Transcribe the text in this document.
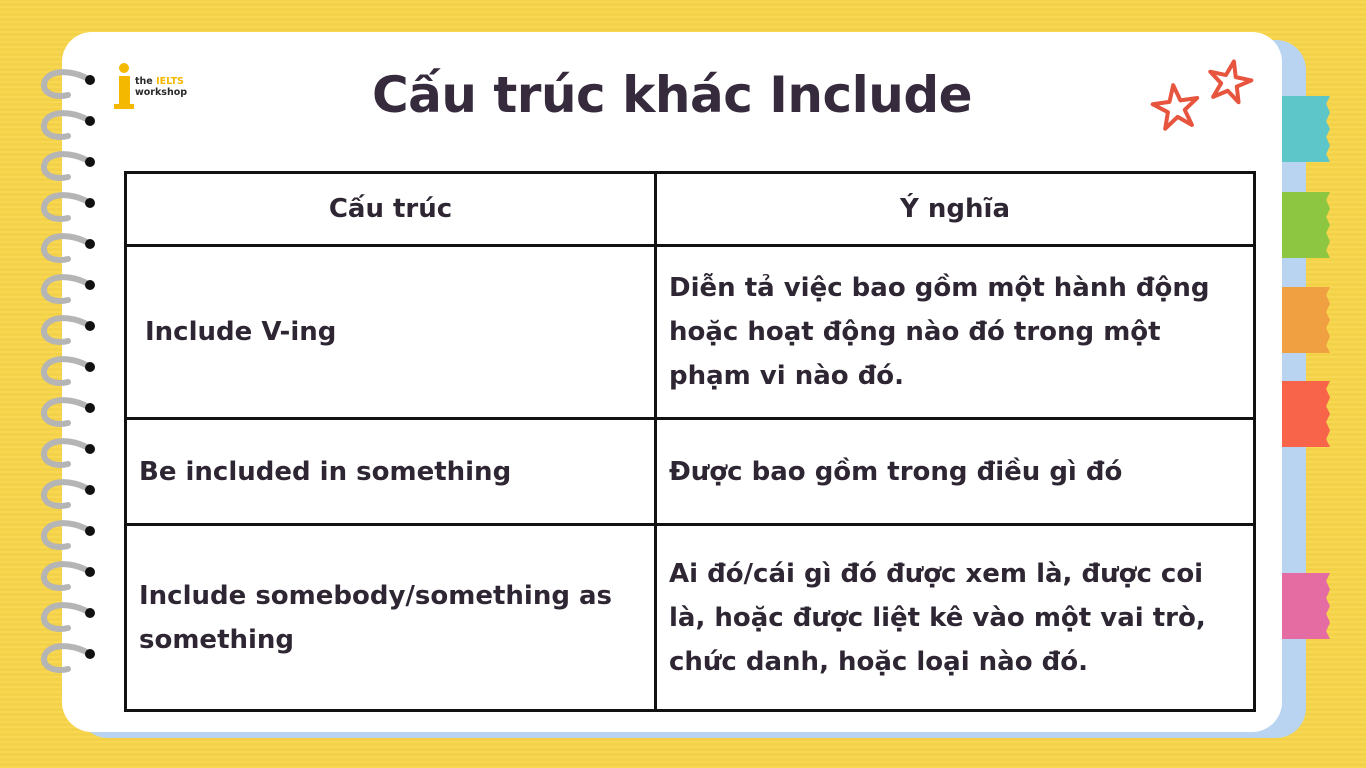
the IELTS
workshop	Cấu trúc khác Include
Cấu trúc	Ý nghĩa
Include V-ing	Diễn tả việc bao gồm một hành động hoặc hoạt động nào đó trong một phạm vi nào đó.
Be included in something	Được bao gồm trong điều gì đó
Include somebody/something as something	Ai đó/cái gì đó được xem là, được coi là, hoặc được liệt kê vào một vai trò, chức danh, hoặc loại nào đó.
